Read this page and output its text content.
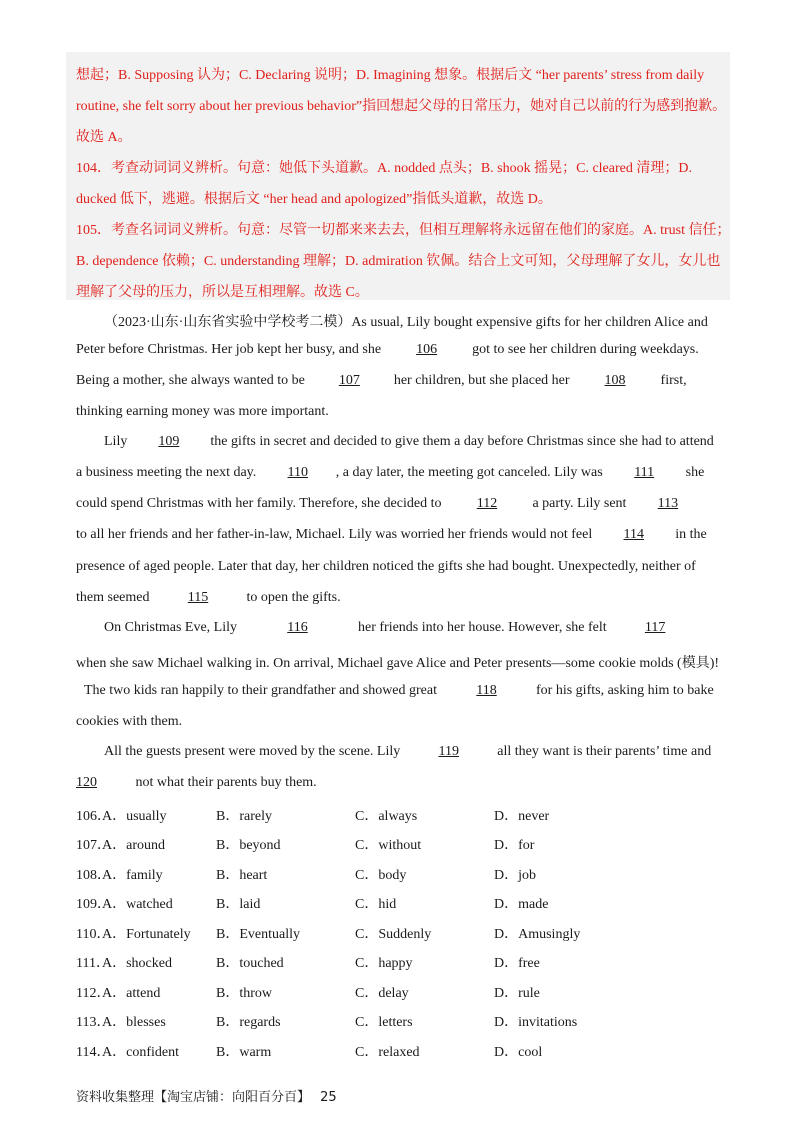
想起；B. Supposing 认为；C. Declaring 说明；D. Imagining 想象。根据后文 “her parents’ stress from daily
routine, she felt sorry about her previous behavior”指回想起父母的日常压力，她对自己以前的行为感到抱歉。
故选 A。
104．考查动词词义辨析。句意：她低下头道歉。A. nodded 点头；B. shook 摇晃；C. cleared 清理；D.
ducked 低下，逃避。根据后文 “her head and apologized”指低头道歉，故选 D。
105．考查名词词义辨析。句意：尽管一切都来来去去，但相互理解将永远留在他们的家庭。A. trust 信任；
B. dependence 依赖；C. understanding 理解；D. admiration 钦佩。结合上文可知，父母理解了女儿，女儿也
理解了父母的压力，所以是互相理解。故选 C。
（2023·山东·山东省实验中学校考二模）As usual, Lily bought expensive gifts for her children Alice and
Peter before Christmas. Her job kept her busy, and she	106	got to see her children during weekdays.
Being a mother, she always wanted to be 107 her children, but she placed her	108	first,
thinking earning money was more important.
Lily 109 the gifts in secret and decided to give them a day before Christmas since she had to attend
a business meeting the next day. 110 , a day later, the meeting got canceled. Lily was 111 she
could spend Christmas with her family. Therefore, she decided to	112	a party. Lily sent 113
to all her friends and her father-in-law, Michael. Lily was worried her friends would not feel 114 in the
presence of aged people. Later that day, her children noticed the gifts she had bought. Unexpectedly, neither of
them seemed	115	to open the gifts.
On Christmas Eve, Lily	116	her friends into her house. However, she felt	117
when she saw Michael walking in. On arrival, Michael gave Alice and Peter presents—some cookie molds (模具)!
The two kids ran happily to their grandfather and showed great	118	for his gifts, asking him to bake
cookies with them.
All the guests present were moved by the scene. Lily	119	all they want is their parents’ time and
120	not what their parents buy them.
106．
A．usually	B．rarely	C．always	D．never
107．
A．around	B．beyond	C．without	D．for
108．
A．family	B．heart	C．body	D．job
109．
A．watched	B．laid	C．hid	D．made
110．
A．Fortunately B．Eventually	C．Suddenly	D．Amusingly
111．
A．shocked	B．touched	C．happy	D．free
112．
A．attend	B．throw	C．delay	D．rule
113．
A．blesses	B．regards	C．letters	D．invitations
114．
A．confident	B．warm	C．relaxed	D．cool
资料收集整理【淘宝店铺：向阳百分百】 25
